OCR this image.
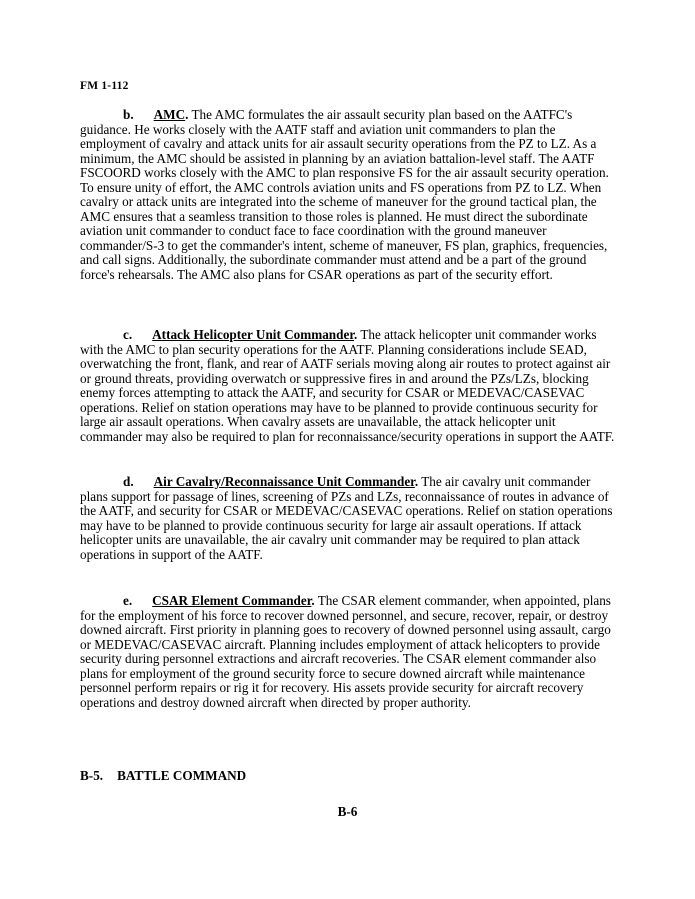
FM 1-112
b. AMC. The AMC formulates the air assault security plan based on the AATFC's guidance. He works closely with the AATF staff and aviation unit commanders to plan the employment of cavalry and attack units for air assault security operations from the PZ to LZ. As a minimum, the AMC should be assisted in planning by an aviation battalion-level staff. The AATF FSCOORD works closely with the AMC to plan responsive FS for the air assault security operation. To ensure unity of effort, the AMC controls aviation units and FS operations from PZ to LZ. When cavalry or attack units are integrated into the scheme of maneuver for the ground tactical plan, the AMC ensures that a seamless transition to those roles is planned. He must direct the subordinate aviation unit commander to conduct face to face coordination with the ground maneuver commander/S-3 to get the commander's intent, scheme of maneuver, FS plan, graphics, frequencies, and call signs. Additionally, the subordinate commander must attend and be a part of the ground force's rehearsals. The AMC also plans for CSAR operations as part of the security effort.
c. Attack Helicopter Unit Commander. The attack helicopter unit commander works with the AMC to plan security operations for the AATF. Planning considerations include SEAD, overwatching the front, flank, and rear of AATF serials moving along air routes to protect against air or ground threats, providing overwatch or suppressive fires in and around the PZs/LZs, blocking enemy forces attempting to attack the AATF, and security for CSAR or MEDEVAC/CASEVAC operations. Relief on station operations may have to be planned to provide continuous security for large air assault operations. When cavalry assets are unavailable, the attack helicopter unit commander may also be required to plan for reconnaissance/security operations in support the AATF.
d. Air Cavalry/Reconnaissance Unit Commander. The air cavalry unit commander plans support for passage of lines, screening of PZs and LZs, reconnaissance of routes in advance of the AATF, and security for CSAR or MEDEVAC/CASEVAC operations. Relief on station operations may have to be planned to provide continuous security for large air assault operations. If attack helicopter units are unavailable, the air cavalry unit commander may be required to plan attack operations in support of the AATF.
e. CSAR Element Commander. The CSAR element commander, when appointed, plans for the employment of his force to recover downed personnel, and secure, recover, repair, or destroy downed aircraft. First priority in planning goes to recovery of downed personnel using assault, cargo or MEDEVAC/CASEVAC aircraft. Planning includes employment of attack helicopters to provide security during personnel extractions and aircraft recoveries. The CSAR element commander also plans for employment of the ground security force to secure downed aircraft while maintenance personnel perform repairs or rig it for recovery. His assets provide security for aircraft recovery operations and destroy downed aircraft when directed by proper authority.
B-5. BATTLE COMMAND
B-6
